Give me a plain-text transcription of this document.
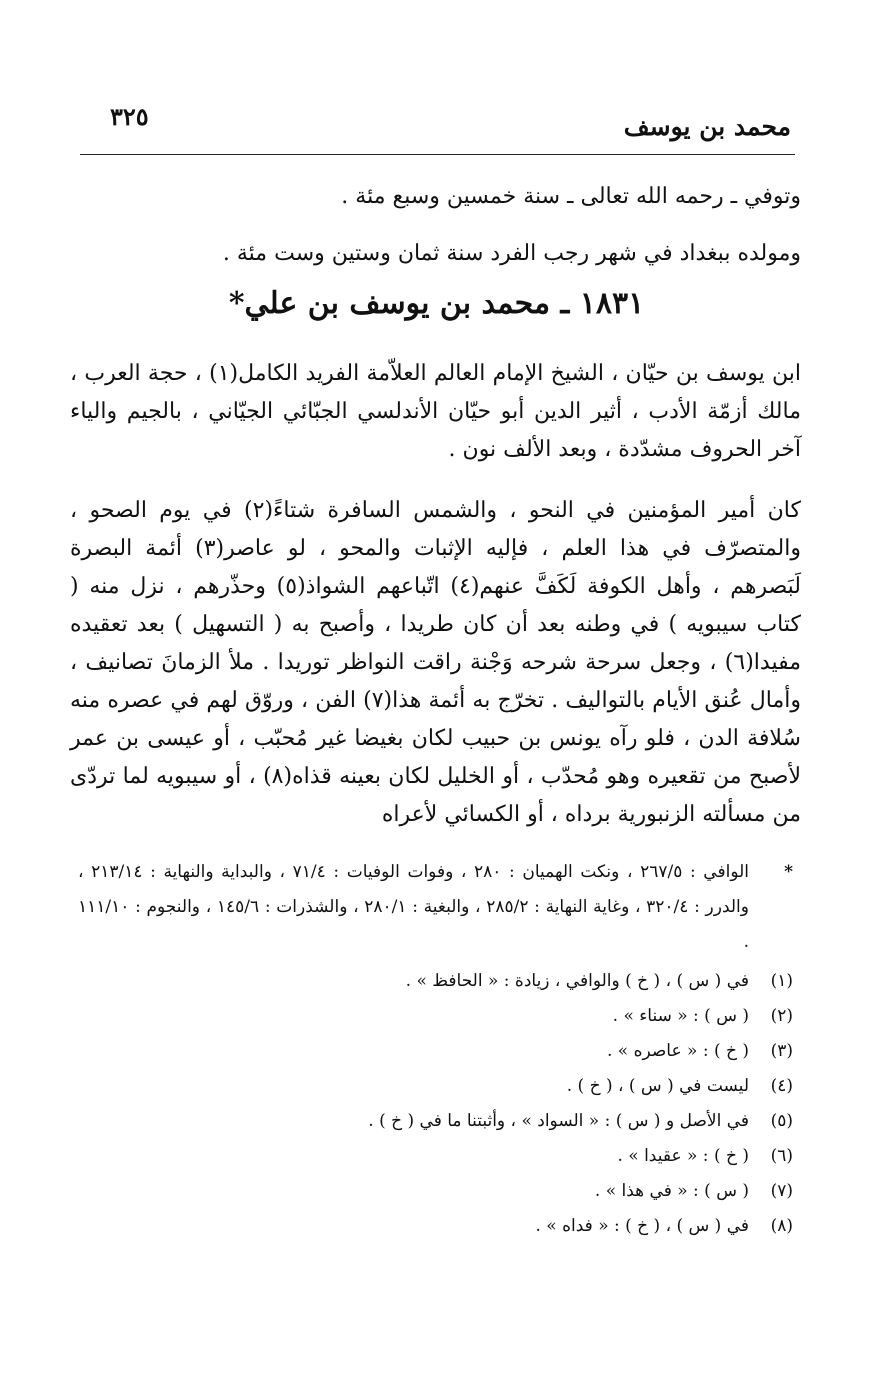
محمد بن يوسف
٣٢٥

وتوفي ـ رحمه الله تعالى ـ سنة خمسين وسبع مئة .

ومولده ببغداد في شهر رجب الفرد سنة ثمان وستين وست مئة .

١٨٣١ ـ محمد بن يوسف بن علي*

ابن يوسف بن حيّان ، الشيخ الإمام العالم العلاّمة الفريد الكامل(١) ، حجة العرب ، مالك أزمّة الأدب ، أثير الدين أبو حيّان الأندلسي الجبّائي الجيّاني ، بالجيم والياء آخر الحروف مشدّدة ، وبعد الألف نون .

كان أمير المؤمنين في النحو ، والشمس السافرة شتاءً(٢) في يوم الصحو ، والمتصرّف في هذا العلم ، فإليه الإثبات والمحو ، لو عاصر(٣) أئمة البصرة لَبَصرهم ، وأهل الكوفة لَكَفَّ عنهم(٤) اتّباعهم الشواذ(٥) وحذّرهم ، نزل منه ( كتاب سيبويه ) في وطنه بعد أن كان طريدا ، وأصبح به ( التسهيل ) بعد تعقيده مفيدا(٦) ، وجعل سرحة شرحه وَجْنة راقت النواظر توريدا . ملأ الزمانَ تصانيف ، وأمال عُنق الأيام بالتواليف . تخرّج به أئمة هذا(٧) الفن ، وروّق لهم في عصره منه سُلافة الدن ، فلو رآه يونس بن حبيب لكان بغيضا غير مُحبّب ، أو عيسى بن عمر لأصبح من تقعيره وهو مُحدّب ، أو الخليل لكان بعينه قذاه(٨) ، أو سيبويه لما تردّى من مسألته الزنبورية برداه ، أو الكسائي لأعراه

*
الوافي : ٢٦٧/٥ ، ونكت الهميان : ٢٨٠ ، وفوات الوفيات : ٧١/٤ ، والبداية والنهاية : ٢١٣/١٤ ، والدرر : ٣٢٠/٤ ، وغاية النهاية : ٢٨٥/٢ ، والبغية : ٢٨٠/١ ، والشذرات : ١٤٥/٦ ، والنجوم : ١١١/١٠ .

(١)في ( س ) ، ( خ ) والوافي ، زيادة : « الحافظ » .
(٢)( س ) : « سناء » .
(٣)( خ ) : « عاصره » .
(٤)ليست في ( س ) ، ( خ ) .
(٥)في الأصل و ( س ) : « السواد » ، وأثبتنا ما في ( خ ) .
(٦)( خ ) : « عقيدا » .
(٧)( س ) : « في هذا » .
(٨)في ( س ) ، ( خ ) : « فداه » .
